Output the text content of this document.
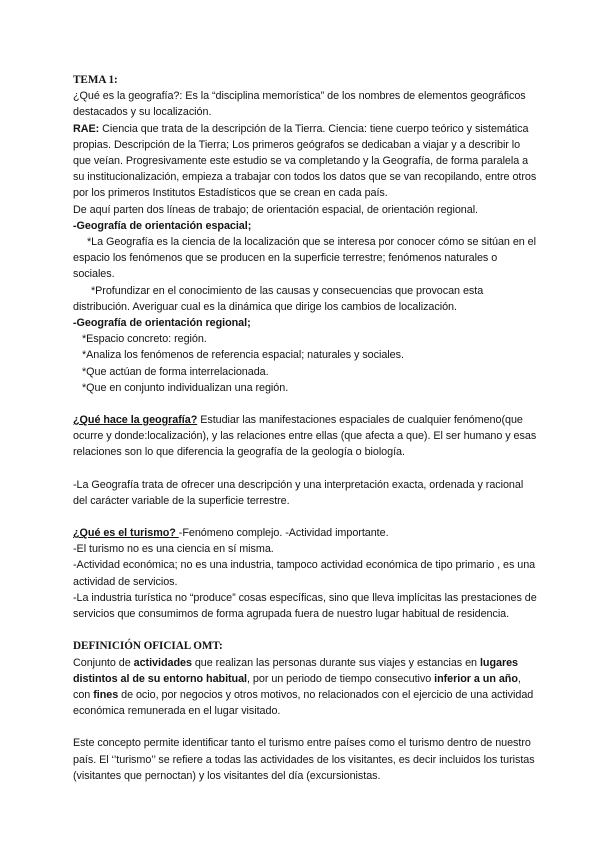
TEMA 1:
¿Qué es la geografía?: Es la “disciplina memorística” de los nombres de elementos geográficos destacados y su localización.
RAE: Ciencia que trata de la descripción de la Tierra. Ciencia: tiene cuerpo teórico y sistemática propias. Descripción de la Tierra; Los primeros geógrafos se dedicaban a viajar y a describir lo que veían. Progresivamente este estudio se va completando y la Geografía, de forma paralela a su institucionalización, empieza a trabajar con todos los datos que se van recopilando, entre otros por los primeros Institutos Estadísticos que se crean en cada país.
De aquí parten dos líneas de trabajo; de orientación espacial, de orientación regional.
-Geografía de orientación espacial;
*La Geografía es la ciencia de la localización que se interesa por conocer cómo se sitúan en el espacio los fenómenos que se producen en la superficie terrestre; fenómenos naturales o sociales.
*Profundizar en el conocimiento de las causas y consecuencias que provocan esta distribución. Averiguar cual es la dinámica que dirige los cambios de localización.
-Geografía de orientación regional;
*Espacio concreto: región.
*Analiza los fenómenos de referencia espacial; naturales y sociales.
*Que actúan de forma interrelacionada.
*Que en conjunto individualizan una región.
¿Qué hace la geografía? Estudiar las manifestaciones espaciales de cualquier fenómeno(que ocurre y donde:localización), y las relaciones entre ellas (que afecta a que). El ser humano y esas relaciones son lo que diferencia la geografía de la geología o biología.
-La Geografía trata de ofrecer una descripción y una interpretación exacta, ordenada y racional del carácter variable de la superficie terrestre.
¿Qué es el turismo? -Fenómeno complejo. -Actividad importante.
-El turismo no es una ciencia en sí misma.
-Actividad económica; no es una industria, tampoco actividad económica de tipo primario , es una actividad de servicios.
-La industria turística no “produce” cosas específicas, sino que lleva implícitas las prestaciones de servicios que consumimos de forma agrupada fuera de nuestro lugar habitual de residencia.
DEFINICIÓN OFICIAL OMT:
Conjunto de actividades que realizan las personas durante sus viajes y estancias en lugares distintos al de su entorno habitual, por un periodo de tiempo consecutivo inferior a un año, con fines de ocio, por negocios y otros motivos, no relacionados con el ejercicio de una actividad económica remunerada en el lugar visitado.
Este concepto permite identificar tanto el turismo entre países como el turismo dentro de nuestro país. El ‘’turismo’’ se refiere a todas las actividades de los visitantes, es decir incluidos los turistas (visitantes que pernoctan) y los visitantes del día (excursionistas.
